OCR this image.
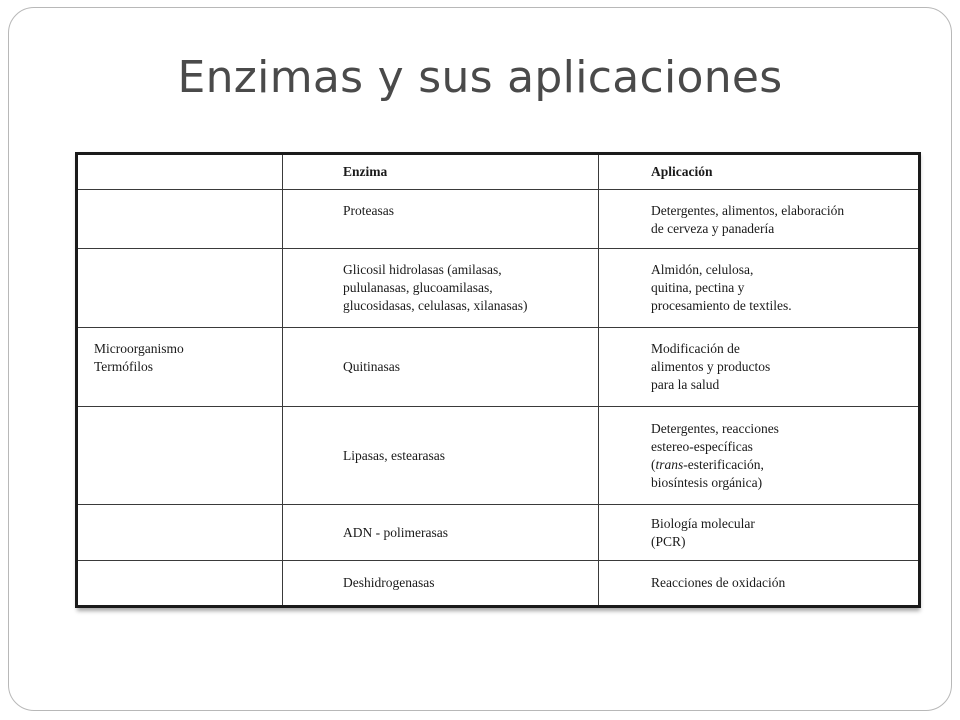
Enzimas y sus aplicaciones
	Enzima	Aplicación

	Proteasas	Detergentes, alimentos, elaboración
de cerveza y panadería

	Glicosil hidrolasas (amilasas,
pululanasas, glucoamilasas,
glucosidasas, celulasas, xilanasas)	Almidón, celulosa,
quitina, pectina y
procesamiento de textiles.

Microorganismo
Termófilos	Quitinasas	Modificación de
alimentos y productos
para la salud

	Lipasas, estearasas	Detergentes, reacciones
estereo-específicas
(trans-esterificación,
biosíntesis orgánica)

	ADN - polimerasas	Biología molecular
(PCR)

	Deshidrogenasas	Reacciones de oxidación
